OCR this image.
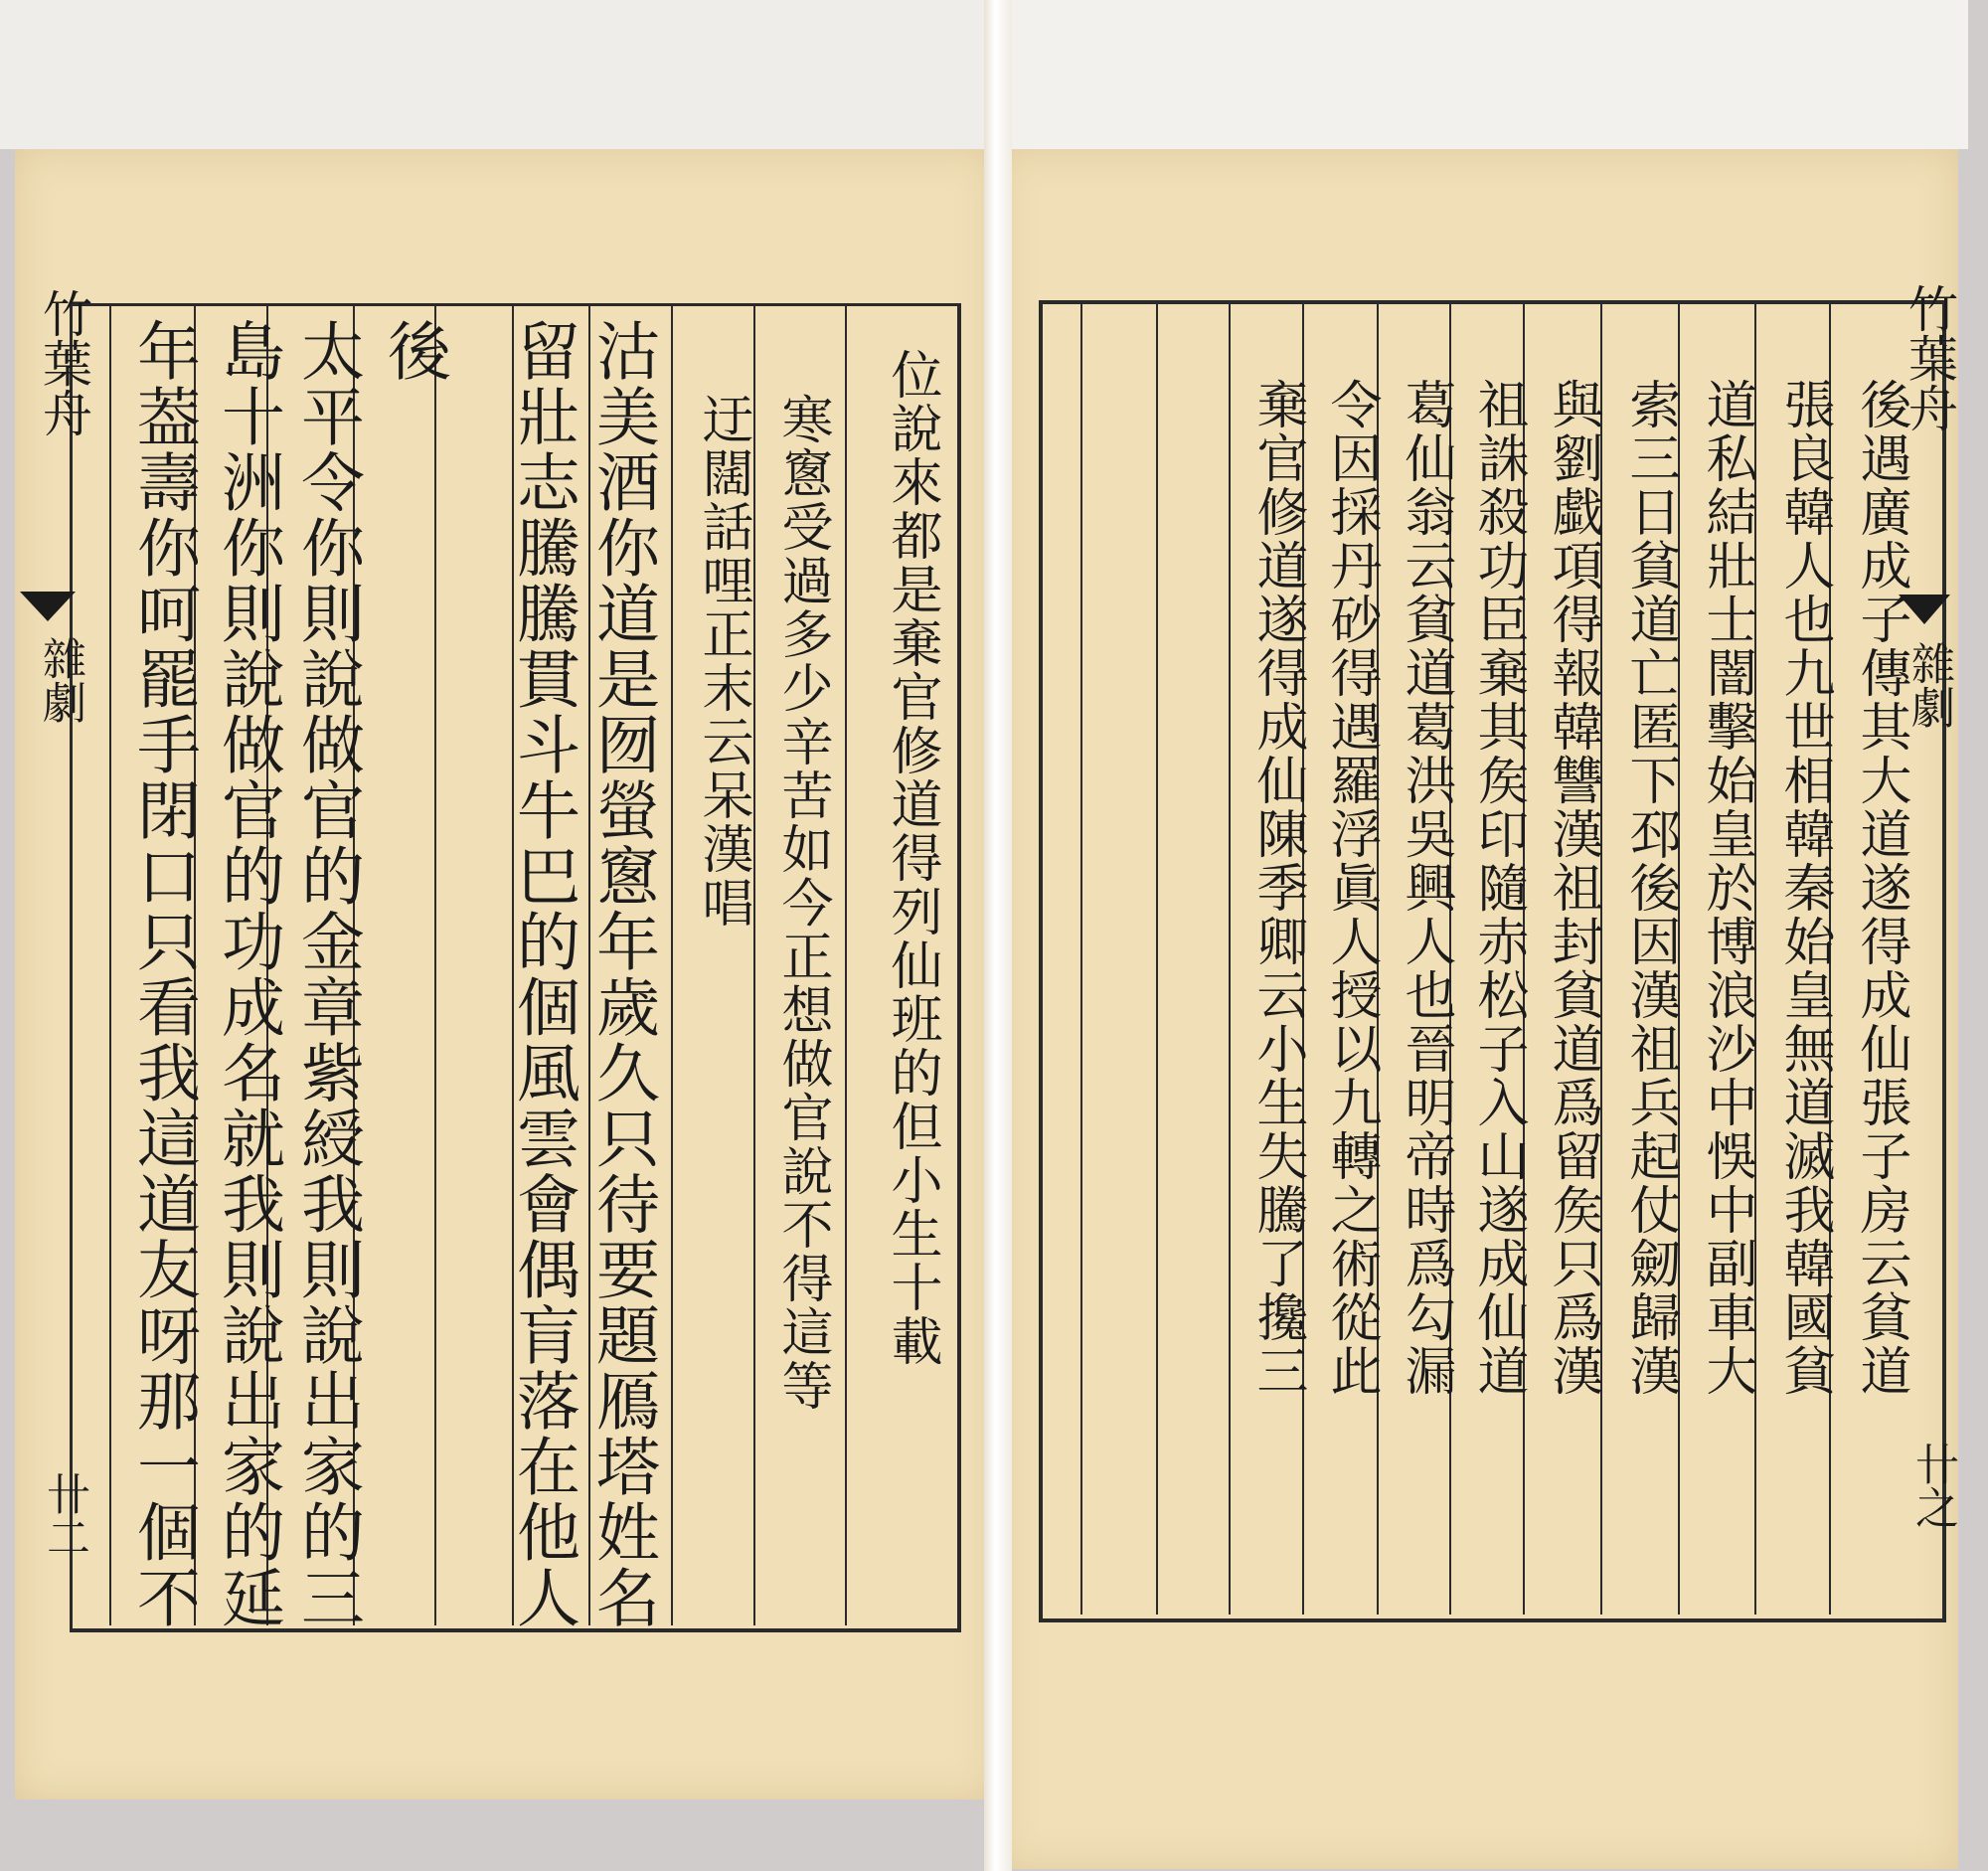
竹葉舟
雜劇
卄二
位說來都是棄官修道得列仙班的但小生十載
寒窻受過多少辛苦如今正想做官說不得這等
迂闊話哩正末云呆漢唱
沽美酒你道是囫螢窻年歲久只待要題鴈塔姓名
留壯志騰騰貫斗牛巴的個風雲會偶肓落在他人
後
太平令你則說做官的金章紫綬我則說出家的三
島十洲你則說做官的功成名就我則說出家的延
年葢壽你呵罷手閉口只看我這道友呀那一個不	竹葉舟
雜劇
卄之
後遇廣成子傳其大道遂得成仙張子房云貧道
張良韓人也九世相韓秦始皇無道滅我韓國貧
道私結壯士闇擊始皇於博浪沙中悞中副車大
索三日貧道亡匿下邳後因漢祖兵起仗劒歸漢
與劉戱項得報韓讐漢祖封貧道爲留矦只爲漢
祖誅殺功臣棄其矦印隨赤松子入山遂成仙道
葛仙翁云貧道葛洪吳興人也晉明帝時爲勾漏
令因採丹砂得遇羅浮眞人授以九轉之術從此
棄官修道遂得成仙陳季卿云小生失騰了攙三
